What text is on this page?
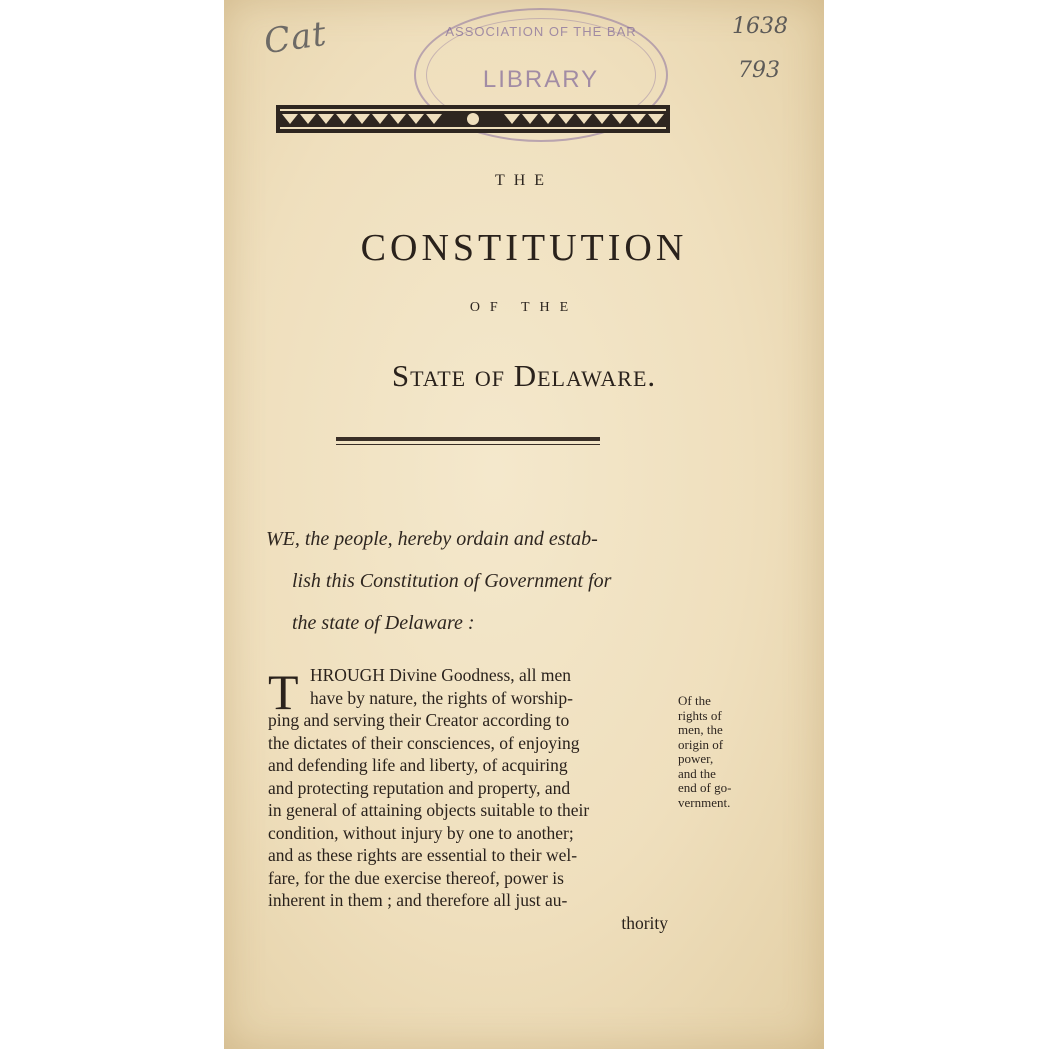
Cat	1638
793
ASSOCIATION OF THE BAR
LIBRARY
THE
CONSTITUTION
OF THE
State of Delaware.
WE, the people, hereby ordain and estab-
lish this Constitution of Government for
the state of Delaware :
T HROUGH Divine Goodness, all men
have by nature, the rights of worship-
ping and serving their Creator according to
the dictates of their consciences, of enjoying
and defending life and liberty, of acquiring
and protecting reputation and property, and
in general of attaining objects suitable to their
condition, without injury by one to another;
and as these rights are essential to their wel-
fare, for the due exercise thereof, power is
inherent in them ; and therefore all just au-
thority
Of the
rights of
men, the
origin of
power,
and the
end of go-
vernment.
